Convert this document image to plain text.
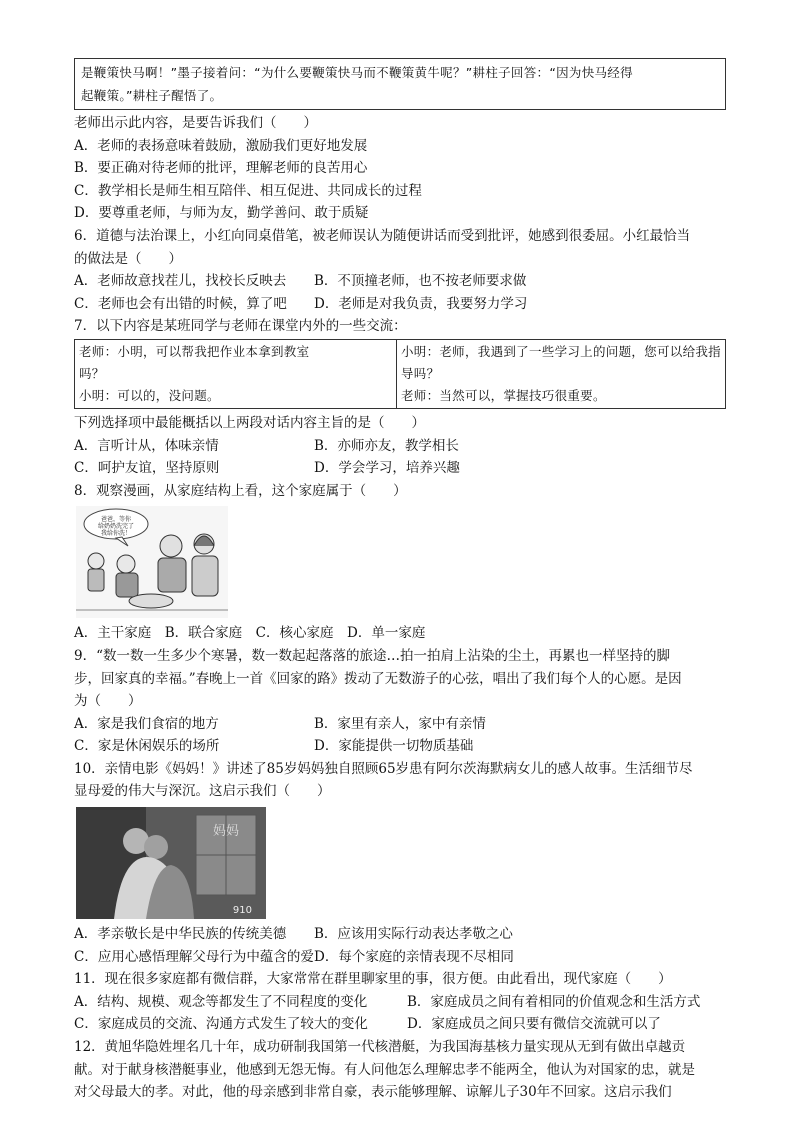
是鞭策快马啊！”墨子接着问：“为什么要鞭策快马而不鞭策黄牛呢？”耕柱子回答：“因为快马经得
起鞭策。”耕柱子醒悟了。
老师出示此内容，是要告诉我们（　　）
A．老师的表扬意味着鼓励，激励我们更好地发展
B．要正确对待老师的批评，理解老师的良苦用心
C．教学相长是师生相互陪伴、相互促进、共同成长的过程
D．要尊重老师，与师为友，勤学善问、敢于质疑
6．道德与法治课上，小红向同桌借笔，被老师误认为随便讲话而受到批评，她感到很委屈。小红最恰当
的做法是（　　）
A．老师故意找茬儿，找校长反映去	B．不顶撞老师，也不按老师要求做
C．老师也会有出错的时候，算了吧	D．老师是对我负责，我要努力学习
7．以下内容是某班同学与老师在课堂内外的一些交流：
老师：小明，可以帮我把作业本拿到教室
吗？
小明：可以的，没问题。

小明：老师，我遇到了一些学习上的问题，您可以给我指
导吗？
老师：当然可以，掌握技巧很重要。
下列选择项中最能概括以上两段对话内容主旨的是（　　）
A．言听计从，体味亲情	B．亦师亦友，教学相长
C．呵护友谊，坚持原则	D．学会学习，培养兴趣
8．观察漫画，从家庭结构上看，这个家庭属于（　　）
爸爸，等你给奶奶洗完了我给你洗！
A．主干家庭　B．联合家庭　C．核心家庭　D．单一家庭
9．“数一数一生多少个寒暑，数一数起起落落的旅途…拍一拍肩上沾染的尘土，再累也一样坚持的脚
步，回家真的幸福。”春晚上一首《回家的路》拨动了无数游子的心弦，唱出了我们每个人的心愿。是因
为（　　）
A．家是我们食宿的地方	B．家里有亲人，家中有亲情
C．家是休闲娱乐的场所	D．家能提供一切物质基础
10．亲情电影《妈妈！》讲述了85岁妈妈独自照顾65岁患有阿尔茨海默病女儿的感人故事。生活细节尽
显母爱的伟大与深沉。这启示我们（　　）
妈妈
910
A．孝亲敬长是中华民族的传统美德	B．应该用实际行动表达孝敬之心
C．应用心感悟理解父母行为中蕴含的爱 D．每个家庭的亲情表现不尽相同
11．现在很多家庭都有微信群，大家常常在群里聊家里的事，很方便。由此看出，现代家庭（　　）
A．结构、规模、观念等都发生了不同程度的变化	B．家庭成员之间有着相同的价值观念和生活方式
C．家庭成员的交流、沟通方式发生了较大的变化	D．家庭成员之间只要有微信交流就可以了
12．黄旭华隐姓埋名几十年，成功研制我国第一代核潜艇，为我国海基核力量实现从无到有做出卓越贡
献。对于献身核潜艇事业，他感到无怨无悔。有人问他怎么理解忠孝不能两全，他认为对国家的忠，就是
对父母最大的孝。对此，他的母亲感到非常自豪，表示能够理解、谅解儿子30年不回家。这启示我们
